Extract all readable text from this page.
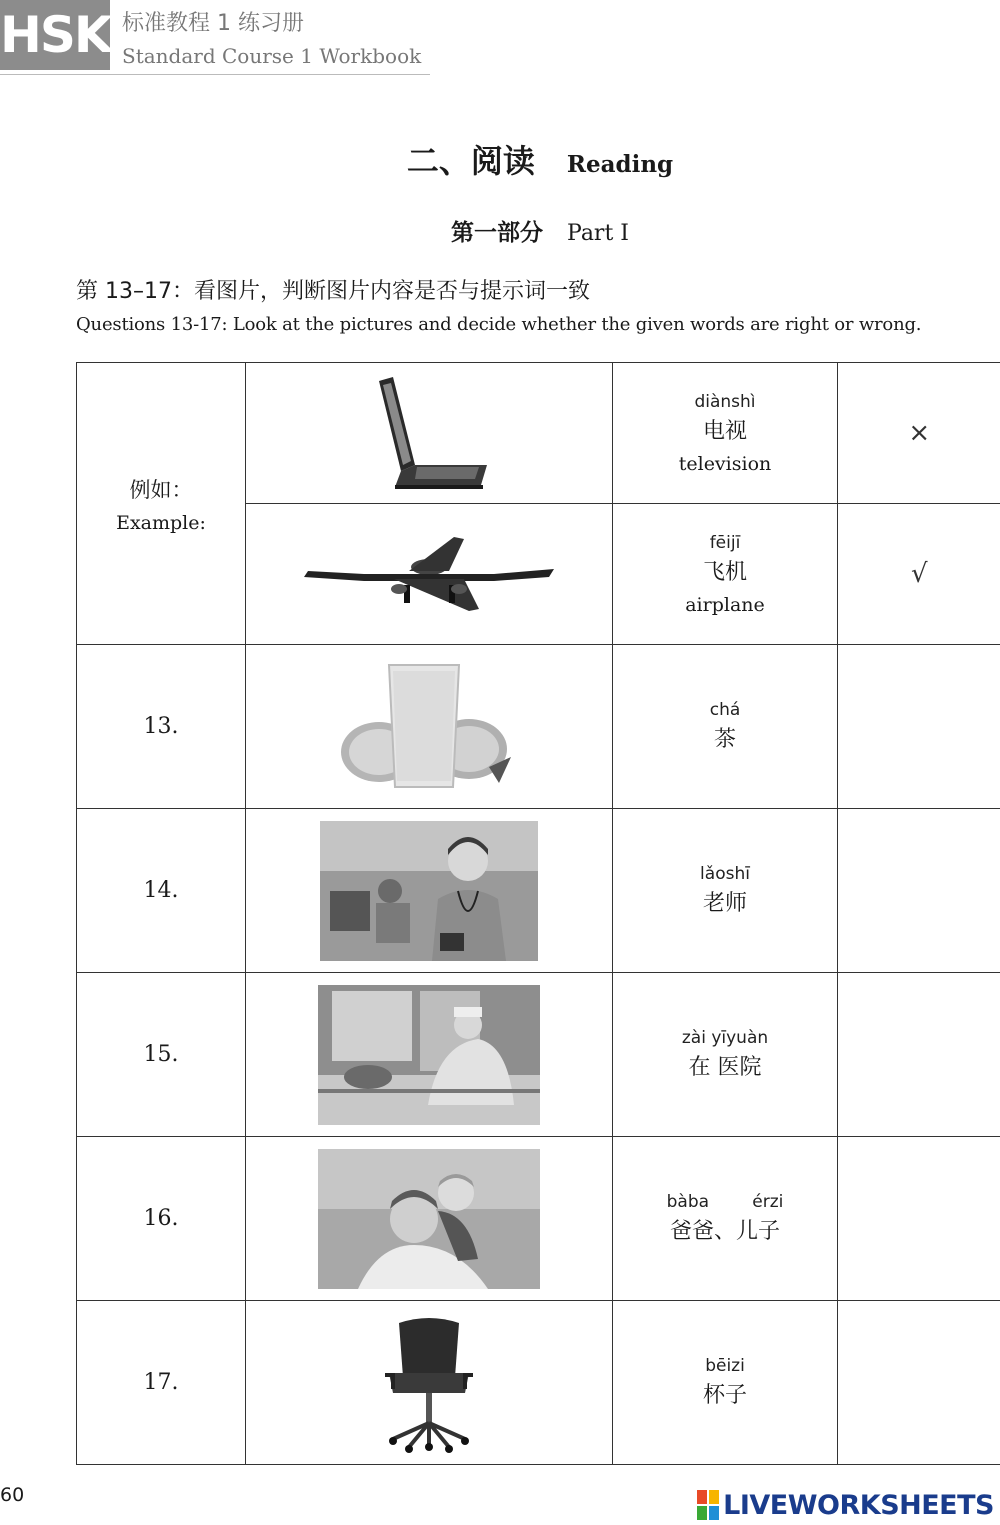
HSK 标准教程 1 练习册
Standard Course 1 Workbook
二、阅读 Reading
第一部分 Part Ⅰ
第 13–17：看图片，判断图片内容是否与提示词一致
Questions 13-17: Look at the pictures and decide whether the given words are right or wrong.
例如：
Example:		diànshì
电视
television	×

fēijī
飞机
airplane	√
13.		chá
茶	

14.		lǎoshī
老师	

15.		zài yīyuàn
在 医院	

16.		bàba        érzi
爸爸、儿子	

17.		bēizi
杯子	

60	LIVEWORKSHEETS
